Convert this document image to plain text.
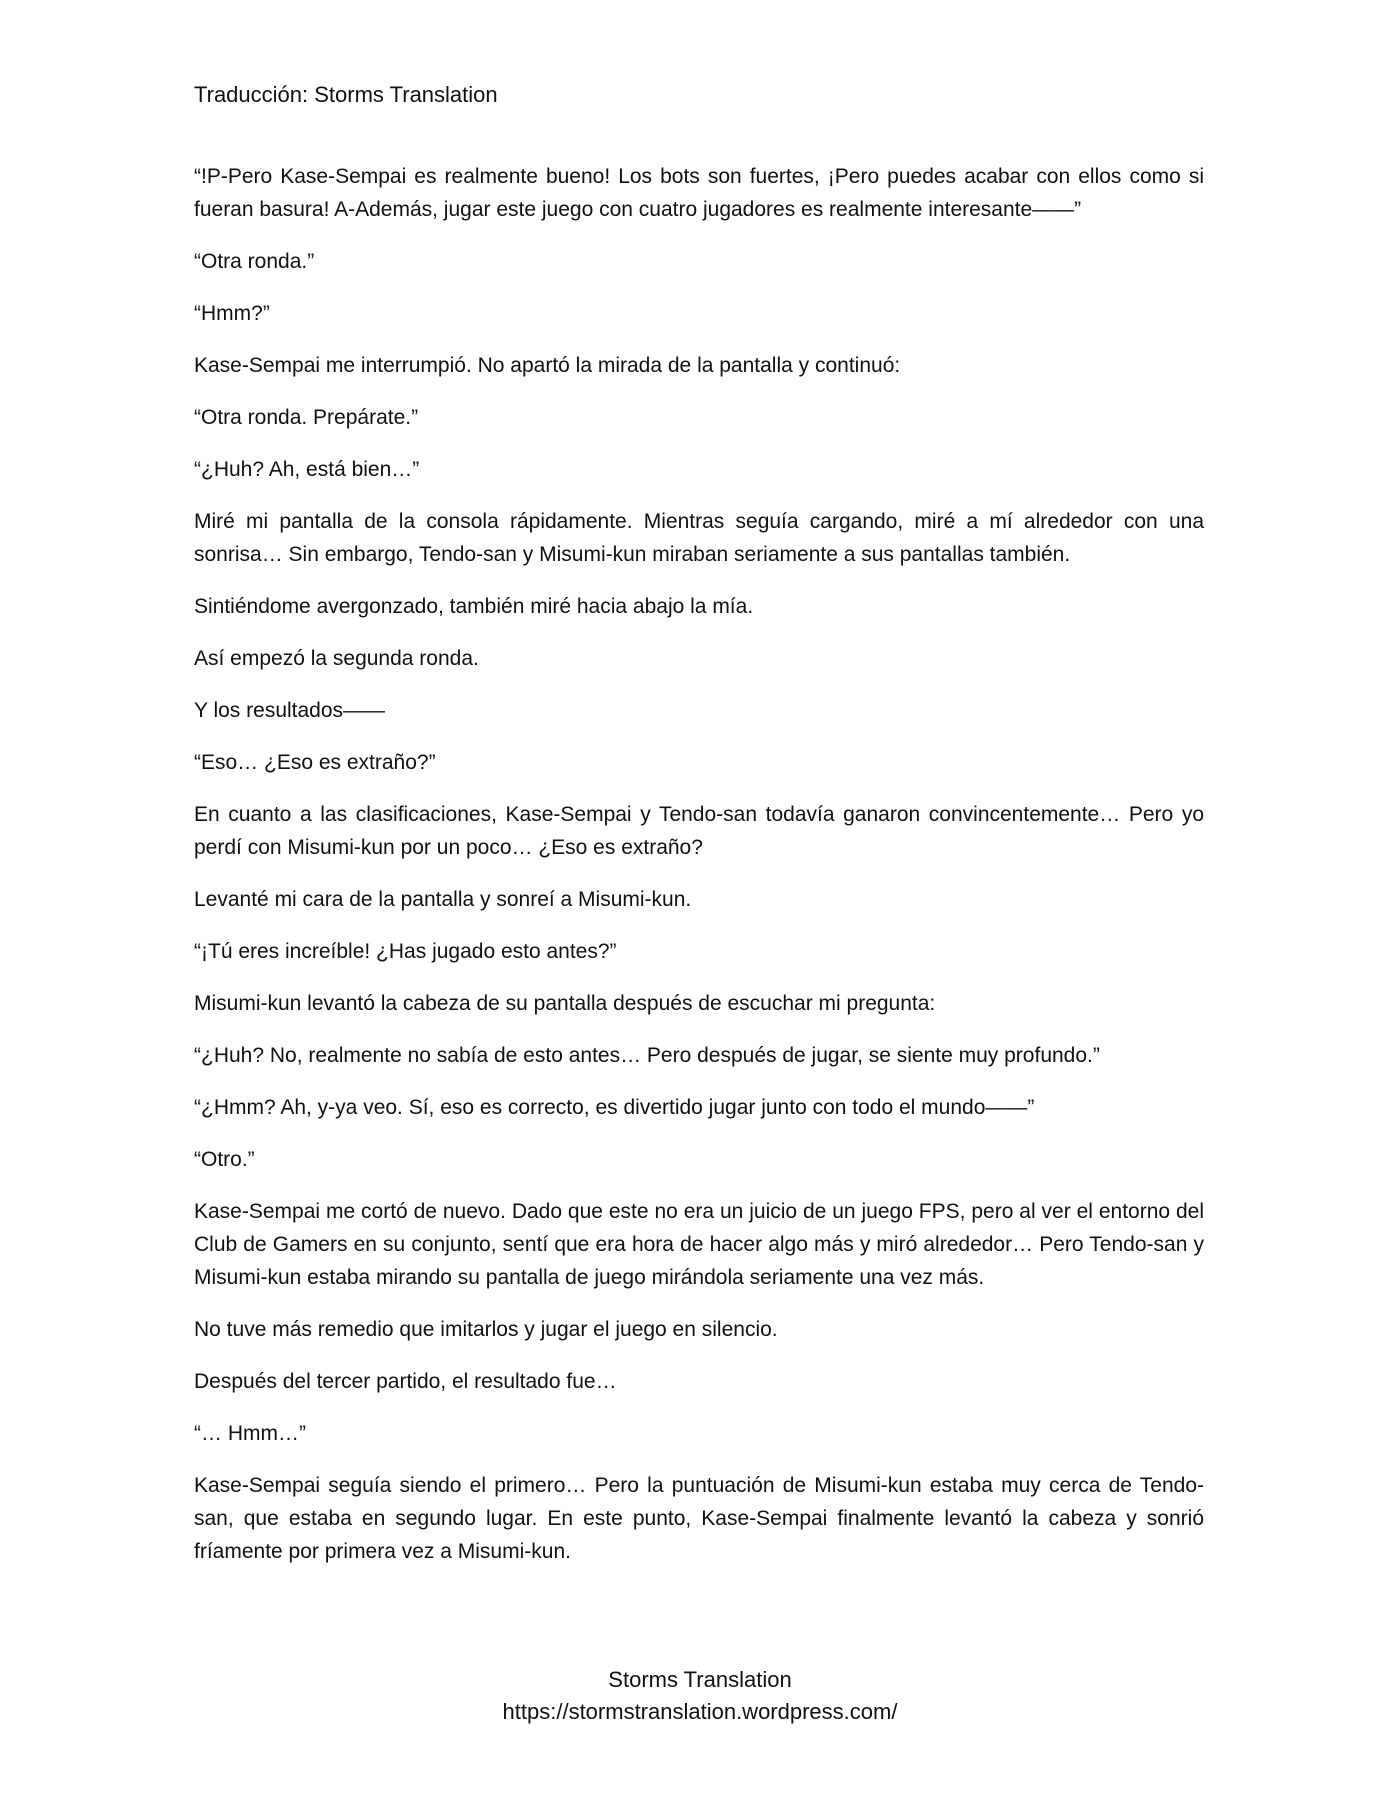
Traducción: Storms Translation

“!P-Pero Kase-Sempai es realmente bueno! Los bots son fuertes, ¡Pero puedes acabar con ellos como si fueran basura! A-Además, jugar este juego con cuatro jugadores es realmente interesante——”

“Otra ronda.”

“Hmm?”

Kase-Sempai me interrumpió. No apartó la mirada de la pantalla y continuó:

“Otra ronda. Prepárate.”

“¿Huh? Ah, está bien…”

Miré mi pantalla de la consola rápidamente. Mientras seguía cargando, miré a mí alrededor con una sonrisa… Sin embargo, Tendo-san y Misumi-kun miraban seriamente a sus pantallas también.

Sintiéndome avergonzado, también miré hacia abajo la mía.

Así empezó la segunda ronda.

Y los resultados——

“Eso… ¿Eso es extraño?”

En cuanto a las clasificaciones, Kase-Sempai y Tendo-san todavía ganaron convincentemente… Pero yo perdí con Misumi-kun por un poco… ¿Eso es extraño?

Levanté mi cara de la pantalla y sonreí a Misumi-kun.

“¡Tú eres increíble! ¿Has jugado esto antes?”

Misumi-kun levantó la cabeza de su pantalla después de escuchar mi pregunta:

“¿Huh? No, realmente no sabía de esto antes… Pero después de jugar, se siente muy profundo.”

“¿Hmm? Ah, y-ya veo. Sí, eso es correcto, es divertido jugar junto con todo el mundo——”

“Otro.”

Kase-Sempai me cortó de nuevo. Dado que este no era un juicio de un juego FPS, pero al ver el entorno del Club de Gamers en su conjunto, sentí que era hora de hacer algo más y miró alrededor… Pero Tendo-san y Misumi-kun estaba mirando su pantalla de juego mirándola seriamente una vez más.

No tuve más remedio que imitarlos y jugar el juego en silencio.

Después del tercer partido, el resultado fue…

“… Hmm…”

Kase-Sempai seguía siendo el primero… Pero la puntuación de Misumi-kun estaba muy cerca de Tendo-san, que estaba en segundo lugar. En este punto, Kase-Sempai finalmente levantó la cabeza y sonrió fríamente por primera vez a Misumi-kun.

Storms Translation
https://stormstranslation.wordpress.com/
